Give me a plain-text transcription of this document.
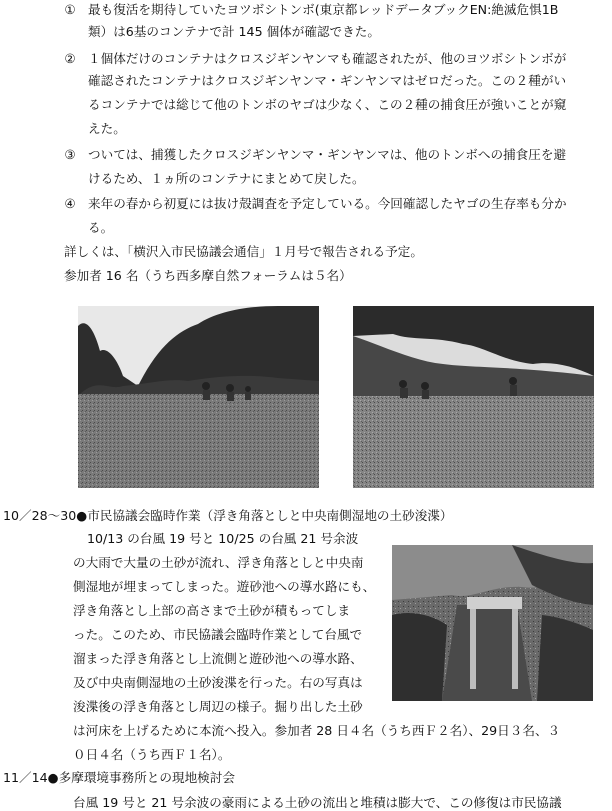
① 最も復活を期待していたヨツボシトンボ(東京都レッドデータブックEN:絶滅危惧1B
類）は6基のコンテナで計 145 個体が確認できた。
② １個体だけのコンテナはクロスジギンヤンマも確認されたが、他のヨツボシトンボが
確認されたコンテナはクロスジギンヤンマ・ギンヤンマはゼロだった。この２種がい
るコンテナでは総じて他のトンボのヤゴは少なく、この２種の捕食圧が強いことが窺
えた。
③ ついては、捕獲したクロスジギンヤンマ・ギンヤンマは、他のトンボへの捕食圧を避
けるため、１ヵ所のコンテナにまとめて戻した。
④ 来年の春から初夏には抜け殻調査を予定している。今回確認したヤゴの生存率も分か
る。
詳しくは、「横沢入市民協議会通信」１月号で報告される予定。
参加者 16 名（うち西多摩自然フォーラムは５名）
10／28～30●市民協議会臨時作業（浮き角落としと中央南側湿地の土砂浚渫）
10/13 の台風 19 号と 10/25 の台風 21 号余波
の大雨で大量の土砂が流れ、浮き角落としと中央南
側湿地が埋まってしまった。遊砂池への導水路にも、
浮き角落とし上部の高さまで土砂が積もってしま
った。このため、市民協議会臨時作業として台風で
溜まった浮き角落とし上流側と遊砂池への導水路、
及び中央南側湿地の土砂浚渫を行った。右の写真は
浚渫後の浮き角落とし周辺の様子。掘り出した土砂
は河床を上げるために本流へ投入。参加者 28 日４名（うち西Ｆ２名）、29日３名、３
０日４名（うち西Ｆ１名）。
11／14●多摩環境事務所との現地検討会
台風 19 号と 21 号余波の豪雨による土砂の流出と堆積は膨大で、この修復は市民協議
